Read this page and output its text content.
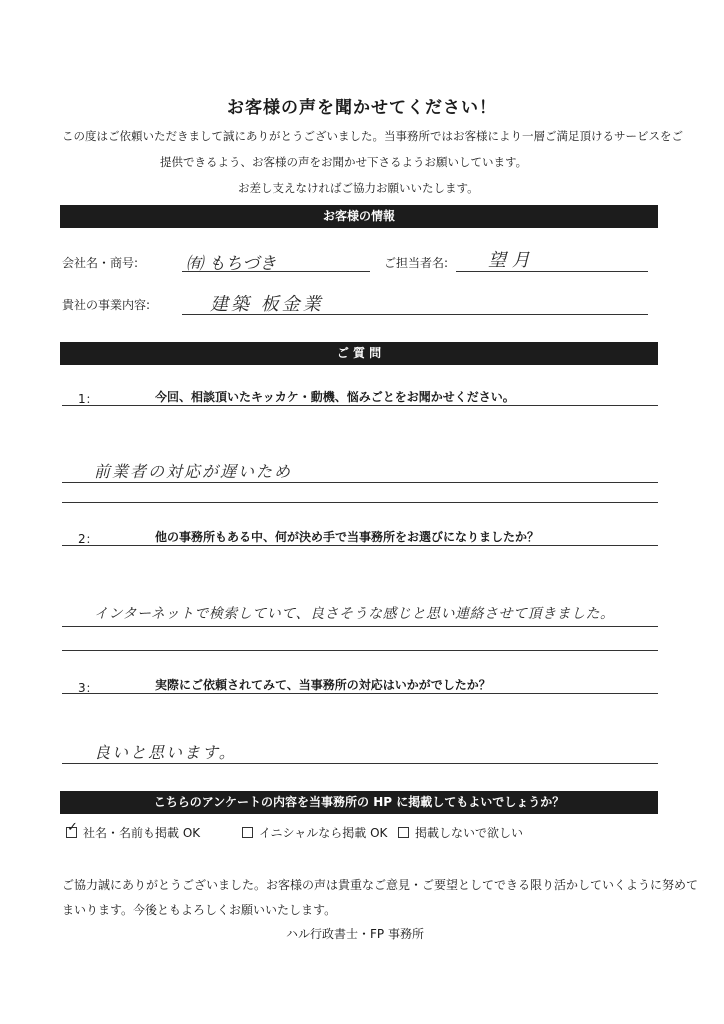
お客様の声を聞かせてください！
この度はご依頼いただきまして誠にありがとうございました。当事務所ではお客様により一層ご満足頂けるサービスをご
提供できるよう、お客様の声をお聞かせ下さるようお願いしています。
お差し支えなければご協力お願いいたします。
お客様の情報
会社名・商号:	㈲ もちづき	ご担当者名: 望 月
貴社の事業内容:	建築 板金業
ご 質 問
1：	今回、相談頂いたキッカケ・動機、悩みごとをお聞かせください。
前業者の対応が遅いため
2：	他の事務所もある中、何が決め手で当事務所をお選びになりましたか？
インターネットで検索していて、良さそうな感じと思い連絡させて頂きました。
3：	実際にご依頼されてみて、当事務所の対応はいかがでしたか？
良いと思います。
こちらのアンケートの内容を当事務所の HP に掲載してもよいでしょうか？
✓ 社名・名前も掲載 OK	イニシャルなら掲載 OK	掲載しないで欲しい
ご協力誠にありがとうございました。お客様の声は貴重なご意見・ご要望としてできる限り活かしていくように努めて
まいります。今後ともよろしくお願いいたします。
ハル行政書士・FP 事務所
